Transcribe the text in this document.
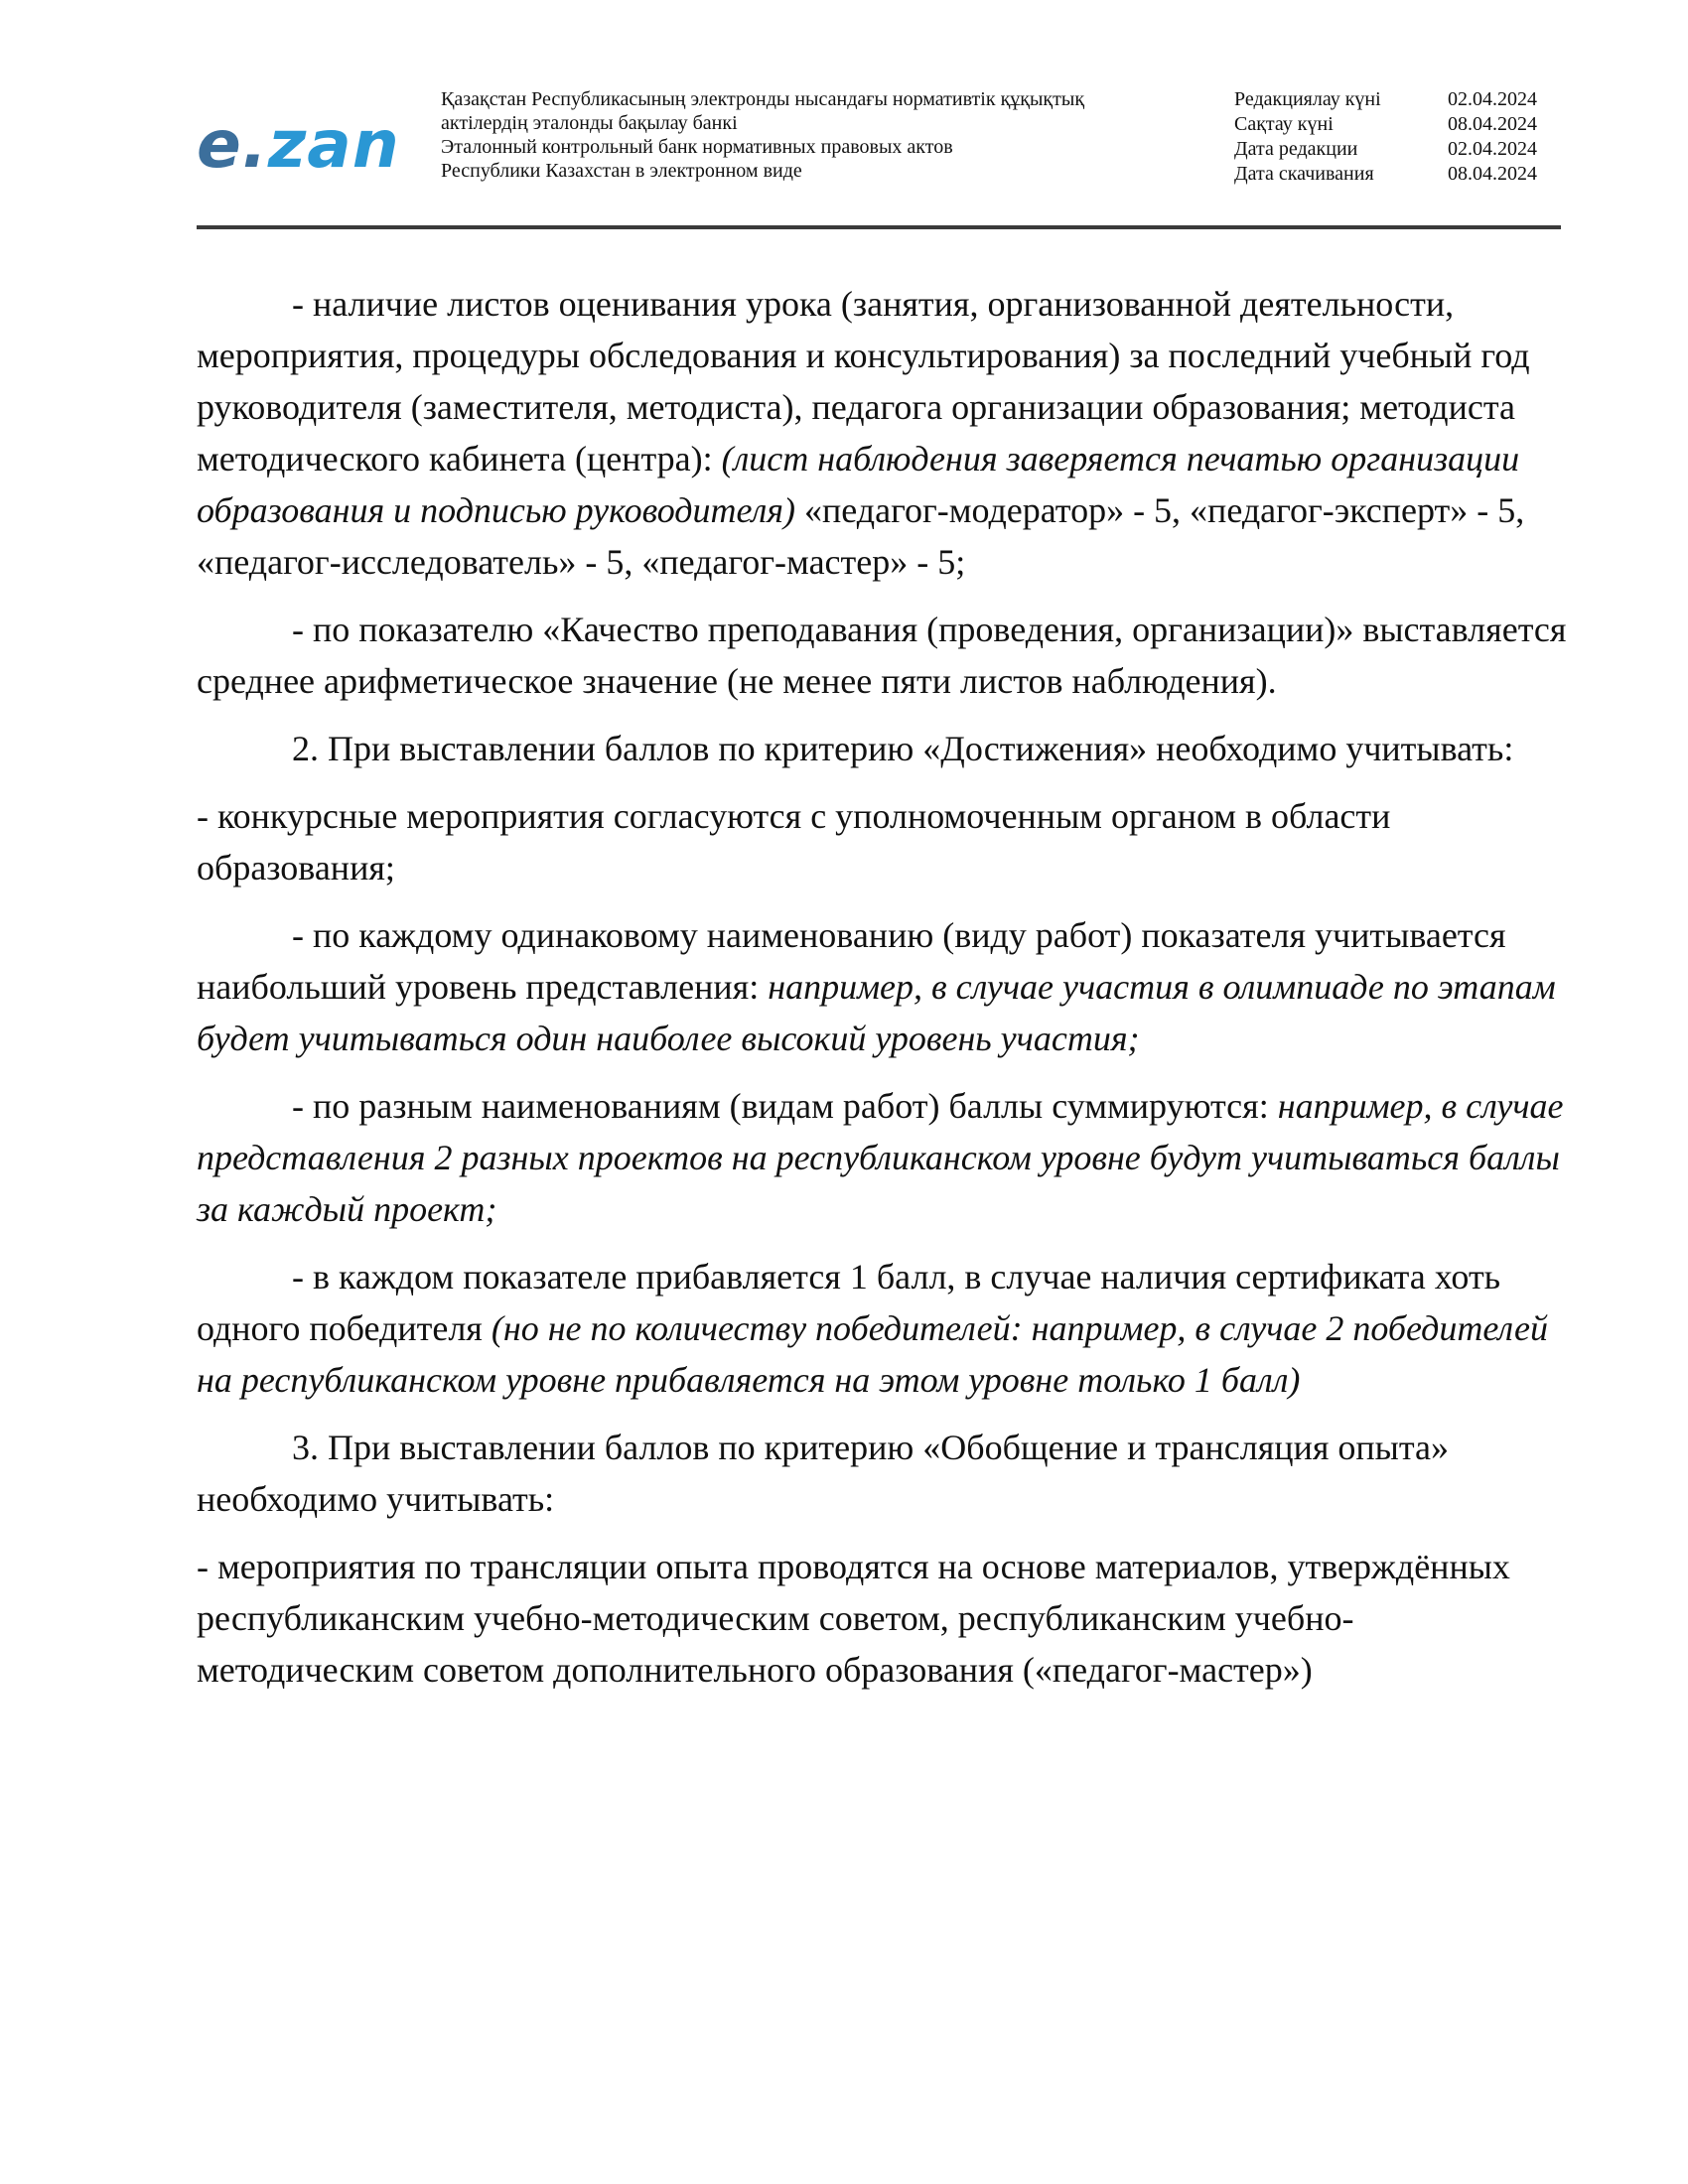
e.zan
Қазақстан Республикасының электронды нысандағы нормативтік құқықтық
актілердің эталонды бақылау банкі
Эталонный контрольный банк нормативных правовых актов
Республики Казахстан в электронном виде
Редакциялау күні	02.04.2024
Сақтау күні	08.04.2024
Дата редакции	02.04.2024
Дата скачивания	08.04.2024

- наличие листов оценивания урока (занятия, организованной деятельности, мероприятия, процедуры обследования и консультирования) за последний учебный год руководителя (заместителя, методиста), педагога организации образования; методиста методического кабинета (центра): (лист наблюдения заверяется печатью организации образования и подписью руководителя) «педагог-модератор» - 5, «педагог-эксперт» - 5, «педагог-исследователь» - 5, «педагог-мастер» - 5;

- по показателю «Качество преподавания (проведения, организации)» выставляется среднее арифметическое значение (не менее пяти листов наблюдения).

2. При выставлении баллов по критерию «Достижения» необходимо учитывать:

- конкурсные мероприятия согласуются с уполномоченным органом в области образования;

- по каждому одинаковому наименованию (виду работ) показателя учитывается наибольший уровень представления: например, в случае участия в олимпиаде по этапам будет учитываться один наиболее высокий уровень участия;

- по разным наименованиям (видам работ) баллы суммируются: например, в случае представления 2 разных проектов на республиканском уровне будут учитываться баллы за каждый проект;

- в каждом показателе прибавляется 1 балл, в случае наличия сертификата хоть одного победителя (но не по количеству победителей: например, в случае 2 победителей на республиканском уровне прибавляется на этом уровне только 1 балл)

3. При выставлении баллов по критерию «Обобщение и трансляция опыта» необходимо учитывать:

- мероприятия по трансляции опыта проводятся на основе материалов, утверждённых республиканским учебно-методическим советом, республиканским учебно-методическим советом дополнительного образования («педагог-мастер»)
